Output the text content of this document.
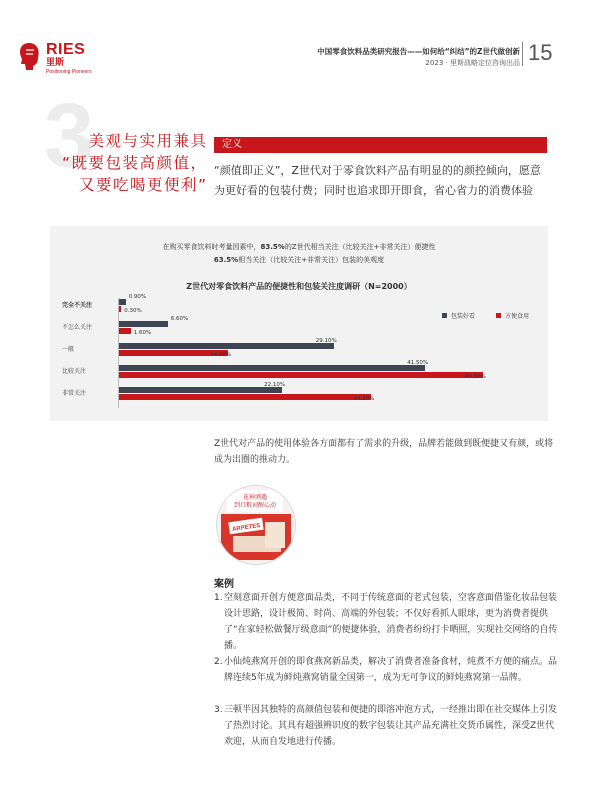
RIES
里斯
Positioning Pioneers
中国零食饮料品类研究报告——如何给“纠结”的Z世代做创新
2023 · 里斯战略定位咨询出品 15
3
美观与实用兼具
“既要包装高颜值，
又要吃喝更便利”
定义
“颜值即正义”，Z世代对于零食饮料产品有明显的的颜控倾向，愿意为更好看的包装付费；同时也追求即开即食，省心省力的消费体验
在购买零食饮料时考量因素中，83.5%的Z世代相当关注（比较关注+非常关注）便捷性
63.5%相当关注（比较关注+非常关注）包装的美观度
Z世代对零食饮料产品的便捷性和包装关注度调研（N=2000）
包装好看	方便食用
完全不关注
0.90%
0.30%
不怎么关注
6.60%
1.60%
一般
29.10%
14.80%
比较关注
41.50%
49.30%
非常关注
22.10%
34.20%
Z世代对产品的使用体验各方面都有了需求的升级，品牌若能做到既便捷又有颜，或将成为出圈的推动力。
花神酒遇
到口粮词醇心动
ARPETES
案例
1. 空刻意面开创方便意面品类，不同于传统意面的老式包装，空客意面借鉴化妆品包装设计思路，设计极简、时尚、高端的外包装；不仅好看抓人眼球，更为消费者提供了“在家轻松做餐厅级意面”的便捷体验，消费者纷纷打卡晒照，实现社交网络的自传播。
2. 小仙炖燕窝开创的即食燕窝新品类，解决了消费者准备食材，炖煮不方便的痛点。品牌连续5年成为鲜炖燕窝销量全国第一，成为无可争议的鲜炖燕窝第一品牌。
3. 三顿半因其独特的高颜值包装和便捷的即溶冲泡方式，一经推出即在社交媒体上引发了热烈讨论。其具有超强辨识度的数字包装让其产品充满社交货币属性，深受Z世代欢迎，从而自发地进行传播。
